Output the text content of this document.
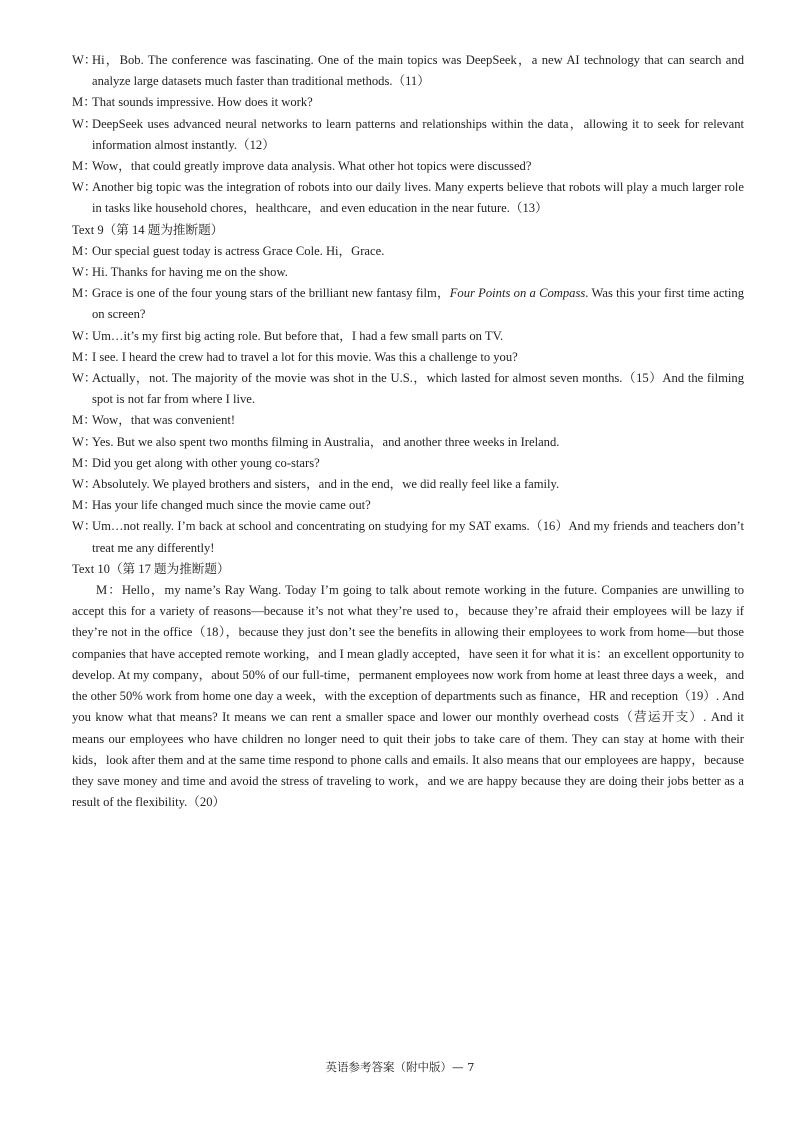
W：Hi，Bob. The conference was fascinating. One of the main topics was DeepSeek，a new AI technology that can search and analyze large datasets much faster than traditional methods.（11）
M：That sounds impressive. How does it work?
W：DeepSeek uses advanced neural networks to learn patterns and relationships within the data，allowing it to seek for relevant information almost instantly.（12）
M：Wow，that could greatly improve data analysis. What other hot topics were discussed?
W：Another big topic was the integration of robots into our daily lives. Many experts believe that robots will play a much larger role in tasks like household chores，healthcare，and even education in the near future.（13）
Text 9（第 14 题为推断题）
M：Our special guest today is actress Grace Cole. Hi，Grace.
W：Hi. Thanks for having me on the show.
M：Grace is one of the four young stars of the brilliant new fantasy film，Four Points on a Compass. Was this your first time acting on screen?
W：Um…it’s my first big acting role. But before that，I had a few small parts on TV.
M：I see. I heard the crew had to travel a lot for this movie. Was this a challenge to you?
W：Actually，not. The majority of the movie was shot in the U.S.，which lasted for almost seven months.（15）And the filming spot is not far from where I live.
M：Wow，that was convenient!
W：Yes. But we also spent two months filming in Australia，and another three weeks in Ireland.
M：Did you get along with other young co-stars?
W：Absolutely. We played brothers and sisters，and in the end，we did really feel like a family.
M：Has your life changed much since the movie came out?
W：Um…not really. I’m back at school and concentrating on studying for my SAT exams.（16）And my friends and teachers don’t treat me any differently!
Text 10（第 17 题为推断题）
M：Hello，my name’s Ray Wang. Today I’m going to talk about remote working in the future. Companies are unwilling to accept this for a variety of reasons—because it’s not what they’re used to，because they’re afraid their employees will be lazy if they’re not in the office（18），because they just don’t see the benefits in allowing their employees to work from home—but those companies that have accepted remote working，and I mean gladly accepted，have seen it for what it is：an excellent opportunity to develop. At my company，about 50% of our full-time，permanent employees now work from home at least three days a week，and the other 50% work from home one day a week，with the exception of departments such as finance，HR and reception（19）. And you know what that means? It means we can rent a smaller space and lower our monthly overhead costs（营运开支）. And it means our employees who have children no longer need to quit their jobs to take care of them. They can stay at home with their kids，look after them and at the same time respond to phone calls and emails. It also means that our employees are happy，because they save money and time and avoid the stress of traveling to work，and we are happy because they are doing their jobs better as a result of the flexibility.（20）
英语参考答案（附中版）— 7
